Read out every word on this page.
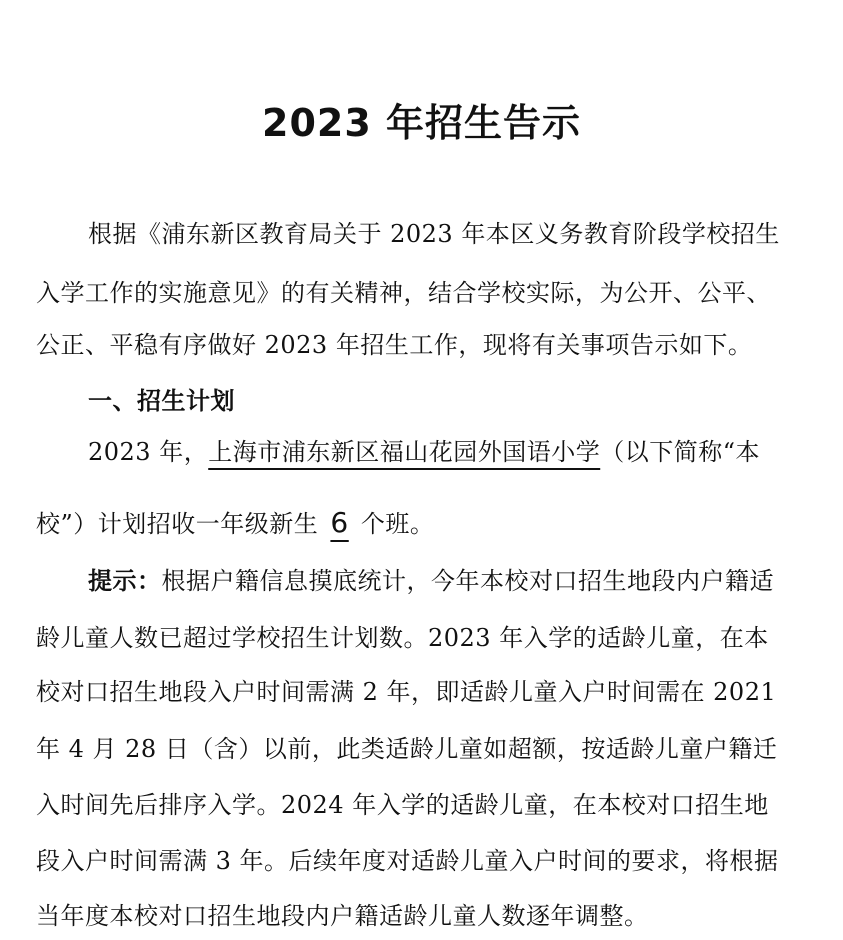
2023 年招生告示
根据《浦东新区教育局关于 2023 年本区义务教育阶段学校招生
入学工作的实施意见》的有关精神，结合学校实际，为公开、公平、
公正、平稳有序做好 2023 年招生工作，现将有关事项告示如下。
一、招生计划
2023 年，上海市浦东新区福山花园外国语小学（以下简称“本
校”）计划招收一年级新生 6 个班。
提示：根据户籍信息摸底统计，今年本校对口招生地段内户籍适
龄儿童人数已超过学校招生计划数。2023 年入学的适龄儿童，在本
校对口招生地段入户时间需满 2 年，即适龄儿童入户时间需在 2021
年 4 月 28 日（含）以前，此类适龄儿童如超额，按适龄儿童户籍迁
入时间先后排序入学。2024 年入学的适龄儿童，在本校对口招生地
段入户时间需满 3 年。后续年度对适龄儿童入户时间的要求，将根据
当年度本校对口招生地段内户籍适龄儿童人数逐年调整。
